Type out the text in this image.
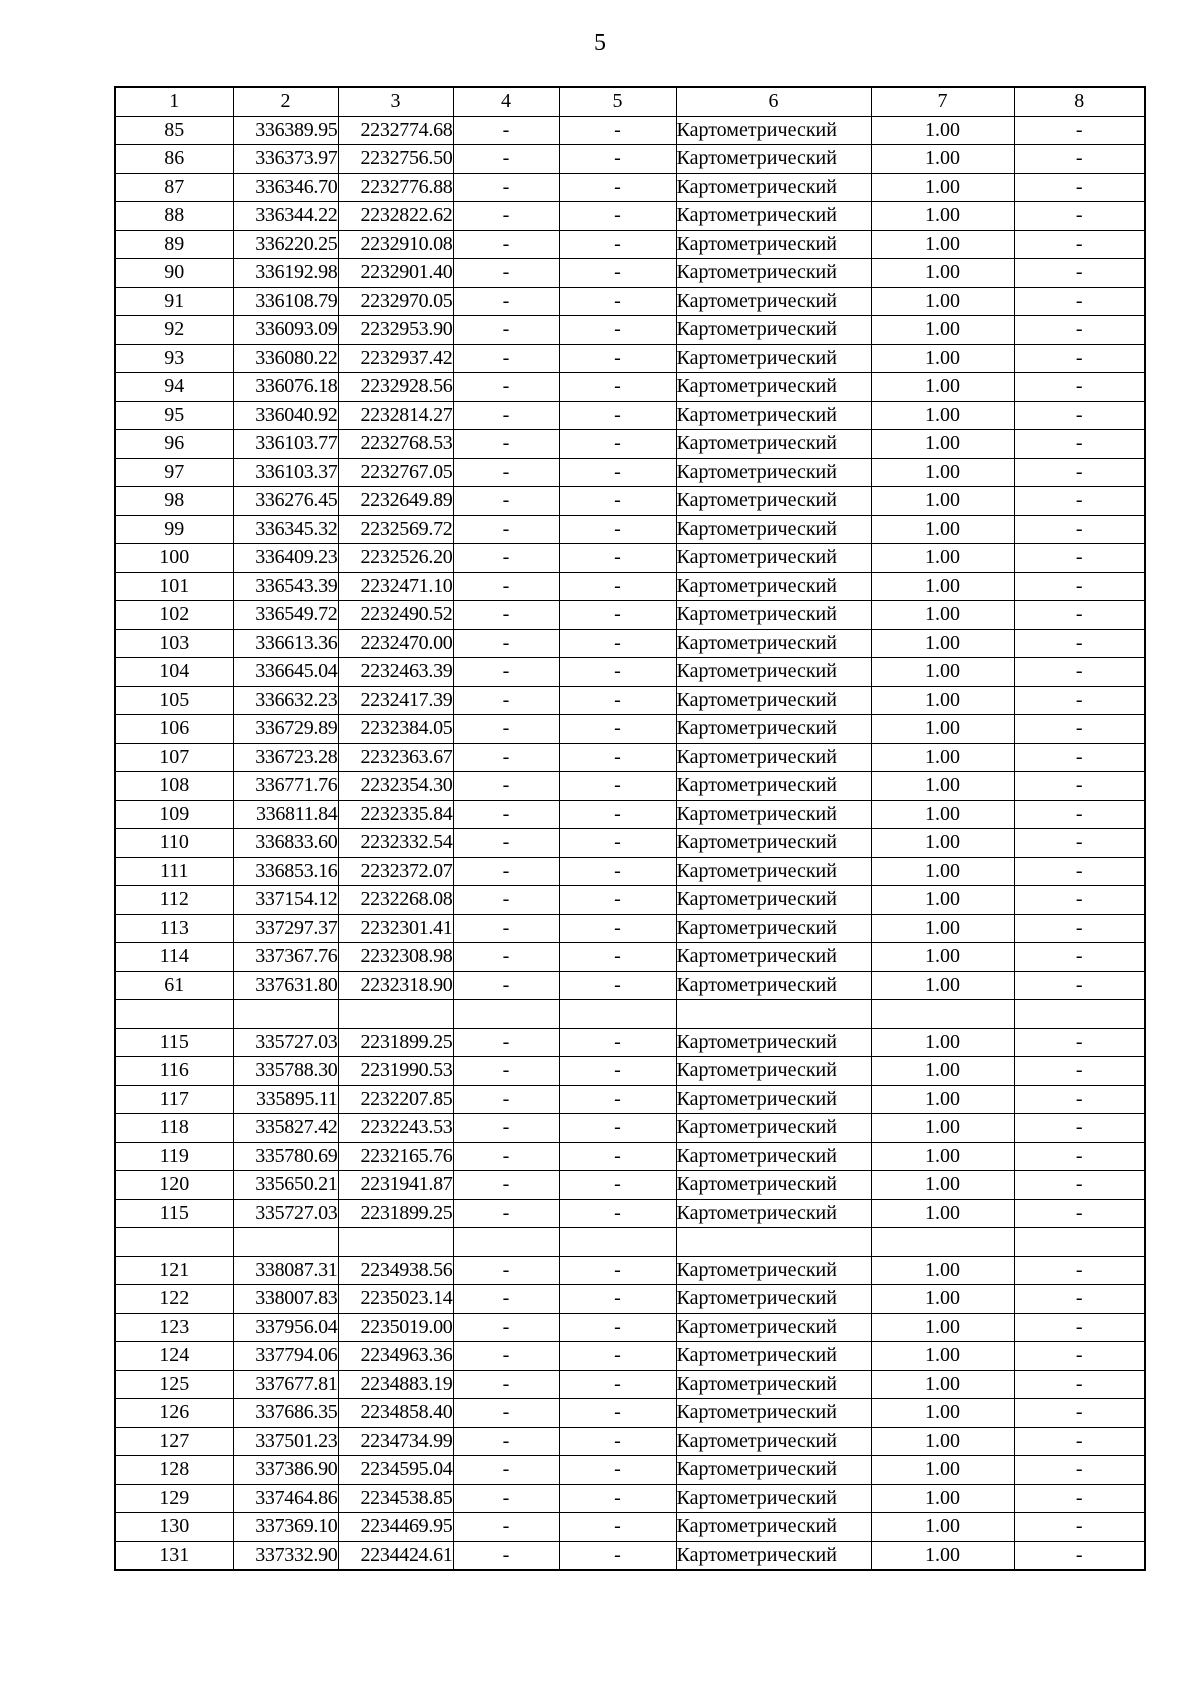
5
1	2	3	4	5	6	7	8
85	336389.95	2232774.68	-	-	Картометрический	1.00	-
86	336373.97	2232756.50	-	-	Картометрический	1.00	-
87	336346.70	2232776.88	-	-	Картометрический	1.00	-
88	336344.22	2232822.62	-	-	Картометрический	1.00	-
89	336220.25	2232910.08	-	-	Картометрический	1.00	-
90	336192.98	2232901.40	-	-	Картометрический	1.00	-
91	336108.79	2232970.05	-	-	Картометрический	1.00	-
92	336093.09	2232953.90	-	-	Картометрический	1.00	-
93	336080.22	2232937.42	-	-	Картометрический	1.00	-
94	336076.18	2232928.56	-	-	Картометрический	1.00	-
95	336040.92	2232814.27	-	-	Картометрический	1.00	-
96	336103.77	2232768.53	-	-	Картометрический	1.00	-
97	336103.37	2232767.05	-	-	Картометрический	1.00	-
98	336276.45	2232649.89	-	-	Картометрический	1.00	-
99	336345.32	2232569.72	-	-	Картометрический	1.00	-
100	336409.23	2232526.20	-	-	Картометрический	1.00	-
101	336543.39	2232471.10	-	-	Картометрический	1.00	-
102	336549.72	2232490.52	-	-	Картометрический	1.00	-
103	336613.36	2232470.00	-	-	Картометрический	1.00	-
104	336645.04	2232463.39	-	-	Картометрический	1.00	-
105	336632.23	2232417.39	-	-	Картометрический	1.00	-
106	336729.89	2232384.05	-	-	Картометрический	1.00	-
107	336723.28	2232363.67	-	-	Картометрический	1.00	-
108	336771.76	2232354.30	-	-	Картометрический	1.00	-
109	336811.84	2232335.84	-	-	Картометрический	1.00	-
110	336833.60	2232332.54	-	-	Картометрический	1.00	-
111	336853.16	2232372.07	-	-	Картометрический	1.00	-
112	337154.12	2232268.08	-	-	Картометрический	1.00	-
113	337297.37	2232301.41	-	-	Картометрический	1.00	-
114	337367.76	2232308.98	-	-	Картометрический	1.00	-
61	337631.80	2232318.90	-	-	Картометрический	1.00	-

115	335727.03	2231899.25	-	-	Картометрический	1.00	-
116	335788.30	2231990.53	-	-	Картометрический	1.00	-
117	335895.11	2232207.85	-	-	Картометрический	1.00	-
118	335827.42	2232243.53	-	-	Картометрический	1.00	-
119	335780.69	2232165.76	-	-	Картометрический	1.00	-
120	335650.21	2231941.87	-	-	Картометрический	1.00	-
115	335727.03	2231899.25	-	-	Картометрический	1.00	-

121	338087.31	2234938.56	-	-	Картометрический	1.00	-
122	338007.83	2235023.14	-	-	Картометрический	1.00	-
123	337956.04	2235019.00	-	-	Картометрический	1.00	-
124	337794.06	2234963.36	-	-	Картометрический	1.00	-
125	337677.81	2234883.19	-	-	Картометрический	1.00	-
126	337686.35	2234858.40	-	-	Картометрический	1.00	-
127	337501.23	2234734.99	-	-	Картометрический	1.00	-
128	337386.90	2234595.04	-	-	Картометрический	1.00	-
129	337464.86	2234538.85	-	-	Картометрический	1.00	-
130	337369.10	2234469.95	-	-	Картометрический	1.00	-
131	337332.90	2234424.61	-	-	Картометрический	1.00	-
